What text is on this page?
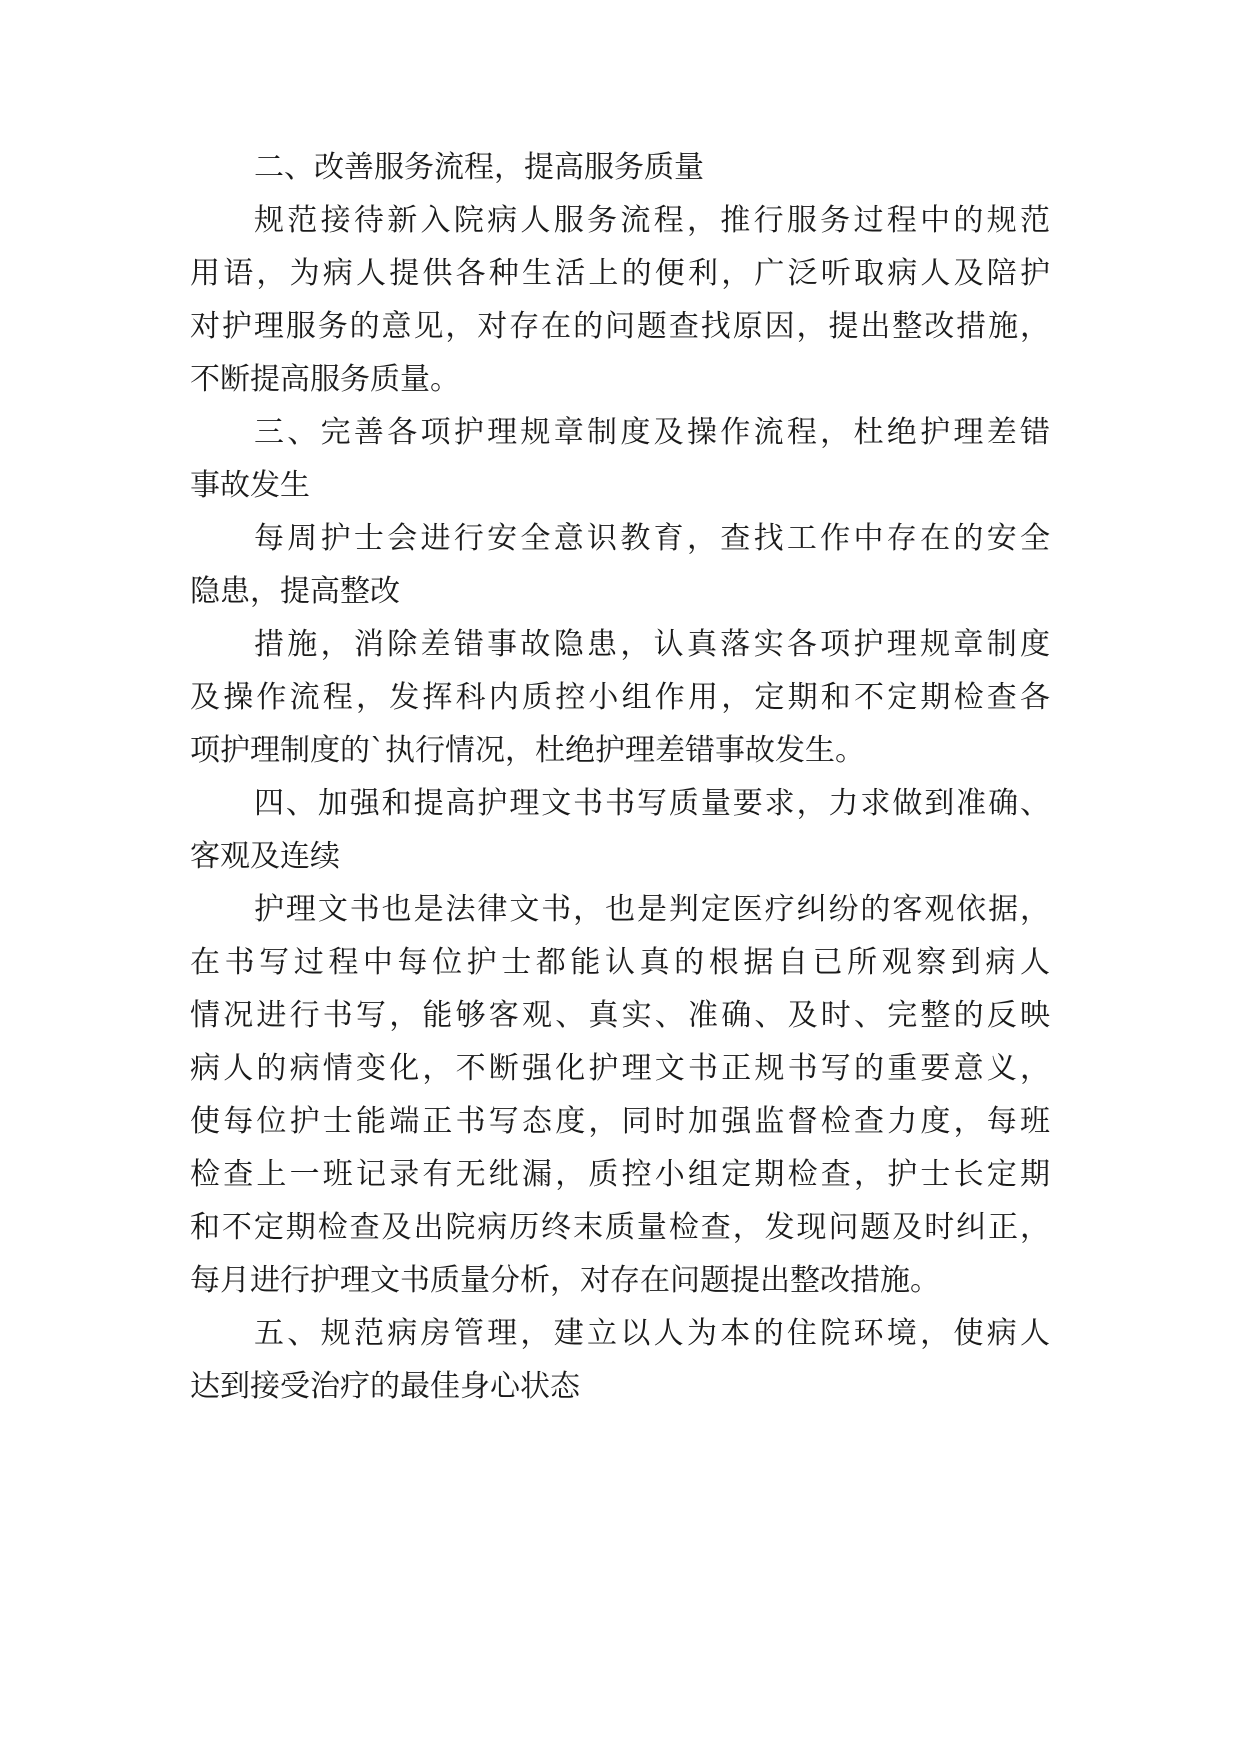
二、改善服务流程，提高服务质量
规范接待新入院病人服务流程，推行服务过程中的规范
用语，为病人提供各种生活上的便利，广泛听取病人及陪护
对护理服务的意见，对存在的问题查找原因，提出整改措施，
不断提高服务质量。
三、完善各项护理规章制度及操作流程，杜绝护理差错
事故发生
每周护士会进行安全意识教育，查找工作中存在的安全
隐患，提高整改
措施，消除差错事故隐患，认真落实各项护理规章制度
及操作流程，发挥科内质控小组作用，定期和不定期检查各
项护理制度的`执行情况，杜绝护理差错事故发生。
四、加强和提高护理文书书写质量要求，力求做到准确、
客观及连续
护理文书也是法律文书，也是判定医疗纠纷的客观依据，
在书写过程中每位护士都能认真的根据自已所观察到病人
情况进行书写，能够客观、真实、准确、及时、完整的反映
病人的病情变化，不断强化护理文书正规书写的重要意义，
使每位护士能端正书写态度，同时加强监督检查力度，每班
检查上一班记录有无纰漏，质控小组定期检查，护士长定期
和不定期检查及出院病历终末质量检查，发现问题及时纠正，
每月进行护理文书质量分析，对存在问题提出整改措施。
五、规范病房管理，建立以人为本的住院环境，使病人
达到接受治疗的最佳身心状态
